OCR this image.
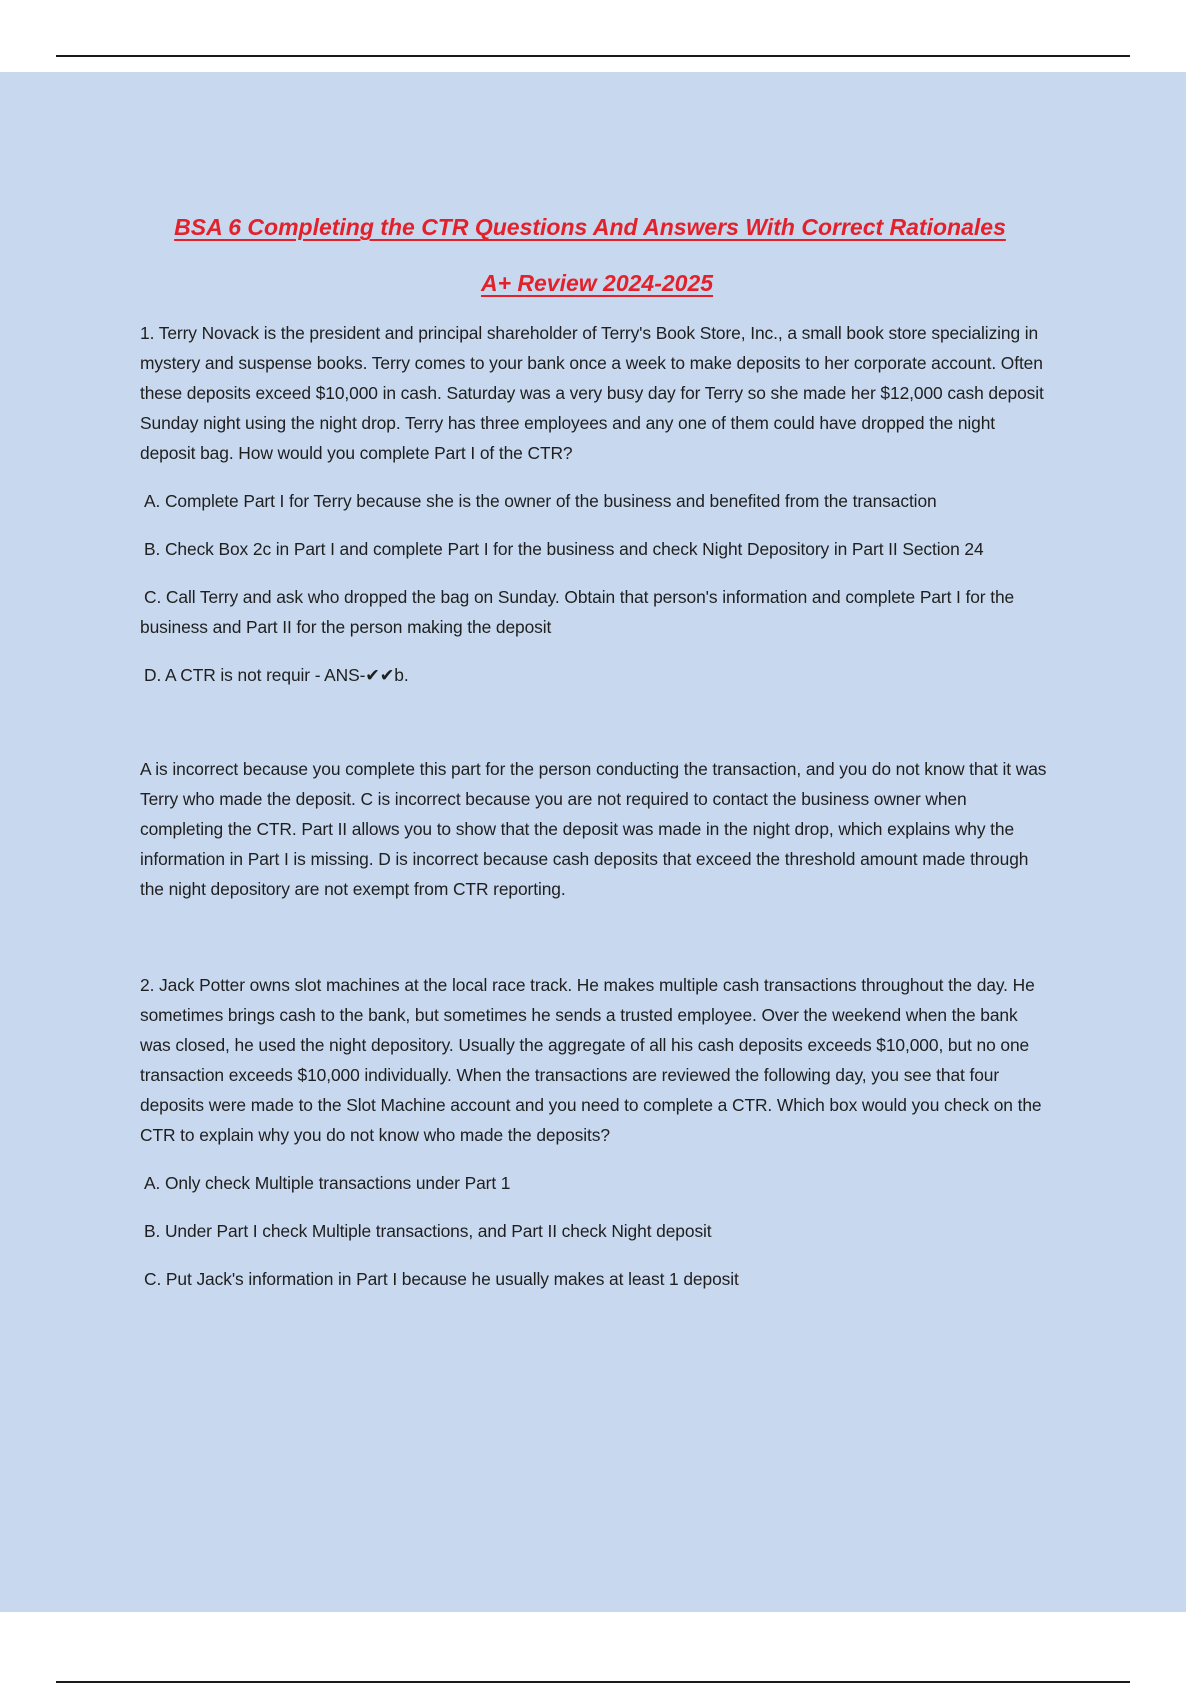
BSA 6 Completing the CTR Questions And Answers With Correct Rationales
A+ Review 2024-2025

1. Terry Novack is the president and principal shareholder of Terry's Book Store, Inc., a small book store specializing in mystery and suspense books. Terry comes to your bank once a week to make deposits to her corporate account. Often these deposits exceed $10,000 in cash. Saturday was a very busy day for Terry so she made her $12,000 cash deposit Sunday night using the night drop. Terry has three employees and any one of them could have dropped the night deposit bag. How would you complete Part I of the CTR?

A. Complete Part I for Terry because she is the owner of the business and benefited from the transaction

B. Check Box 2c in Part I and complete Part I for the business and check Night Depository in Part II Section 24

C. Call Terry and ask who dropped the bag on Sunday. Obtain that person's information and complete Part I for the business and Part II for the person making the deposit

D. A CTR is not requir - ANS-✔✔b.

A is incorrect because you complete this part for the person conducting the transaction, and you do not know that it was Terry who made the deposit. C is incorrect because you are not required to contact the business owner when completing the CTR. Part II allows you to show that the deposit was made in the night drop, which explains why the information in Part I is missing. D is incorrect because cash deposits that exceed the threshold amount made through the night depository are not exempt from CTR reporting.

2. Jack Potter owns slot machines at the local race track. He makes multiple cash transactions throughout the day. He sometimes brings cash to the bank, but sometimes he sends a trusted employee. Over the weekend when the bank was closed, he used the night depository. Usually the aggregate of all his cash deposits exceeds $10,000, but no one transaction exceeds $10,000 individually. When the transactions are reviewed the following day, you see that four deposits were made to the Slot Machine account and you need to complete a CTR. Which box would you check on the CTR to explain why you do not know who made the deposits?

A. Only check Multiple transactions under Part 1

B. Under Part I check Multiple transactions, and Part II check Night deposit

C. Put Jack's information in Part I because he usually makes at least 1 deposit
